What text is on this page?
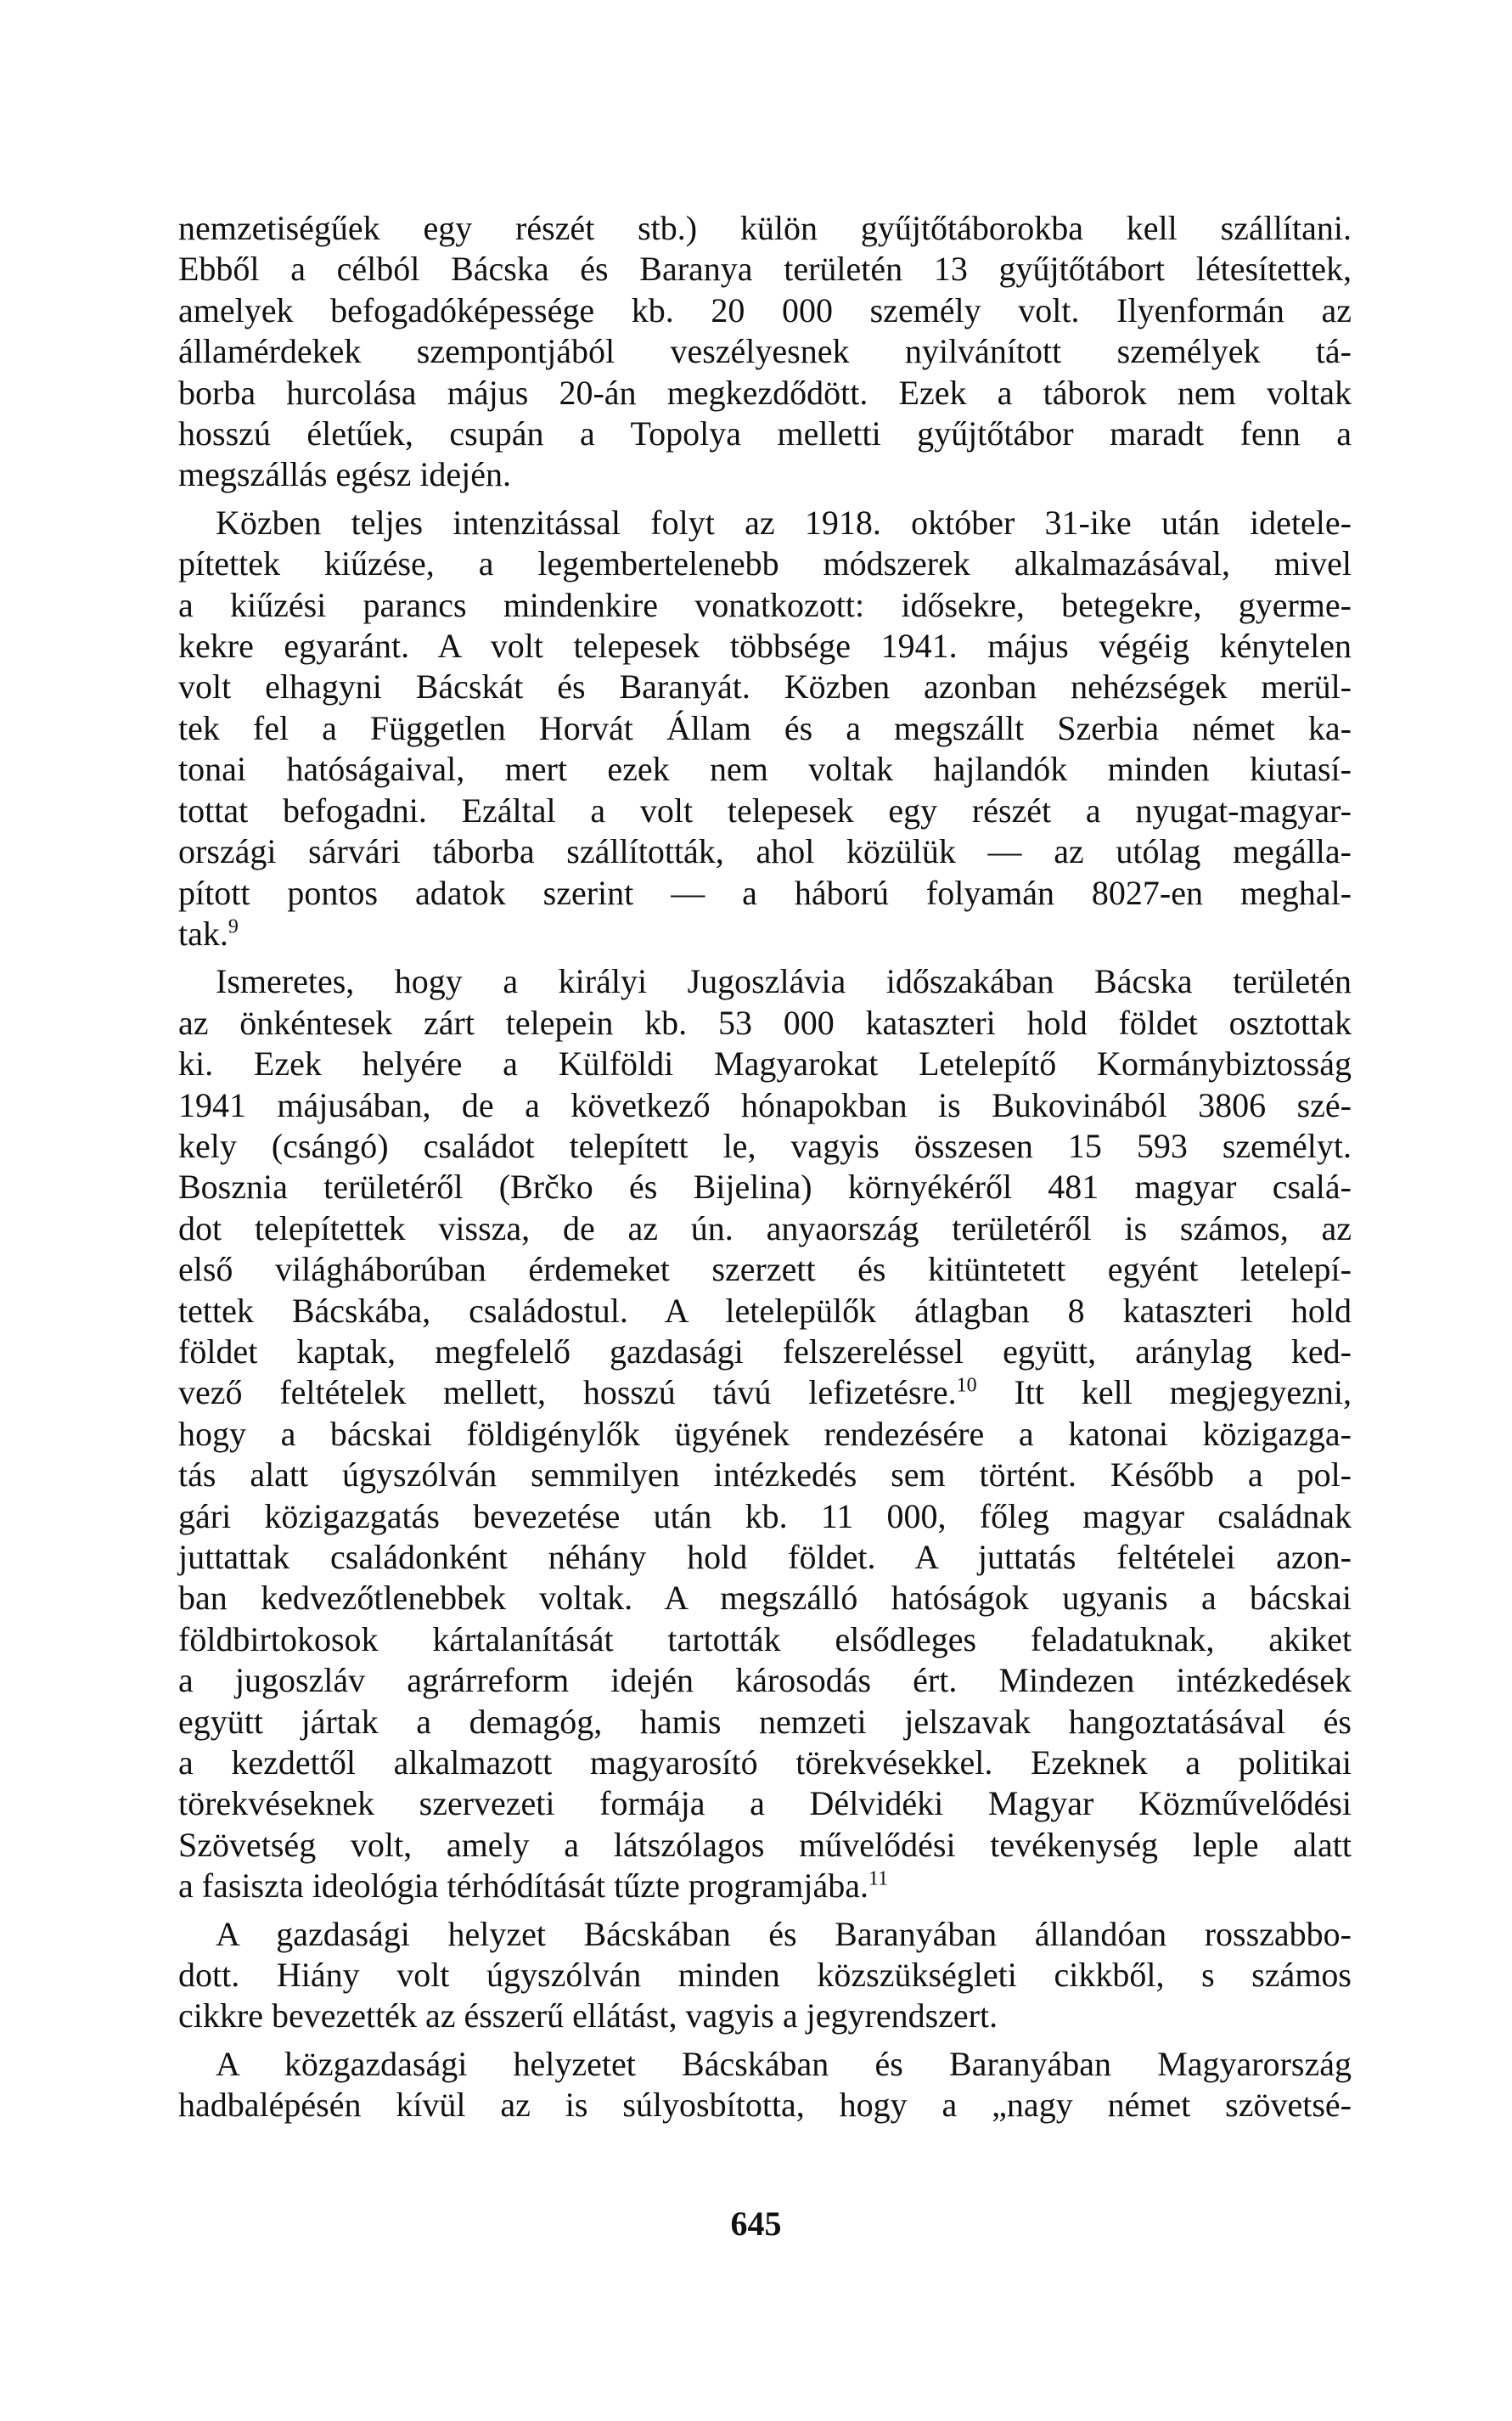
nemzetiségűek egy részét stb.) külön gyűjtőtáborokba kell szállítani.
Ebből a célból Bácska és Baranya területén 13 gyűjtőtábort létesítettek,
amelyek befogadóképessége kb. 20 000 személy volt. Ilyenformán az
államérdekek szempontjából veszélyesnek nyilvánított személyek tá-
borba hurcolása május 20-án megkezdődött. Ezek a táborok nem voltak
hosszú életűek, csupán a Topolya melletti gyűjtőtábor maradt fenn a
megszállás egész idején.

Közben teljes intenzitással folyt az 1918. október 31-ike után idetele-
pítettek kiűzése, a legembertelenebb módszerek alkalmazásával, mivel
a kiűzési parancs mindenkire vonatkozott: idősekre, betegekre, gyerme-
kekre egyaránt. A volt telepesek többsége 1941. május végéig kénytelen
volt elhagyni Bácskát és Baranyát. Közben azonban nehézségek merül-
tek fel a Független Horvát Állam és a megszállt Szerbia német ka-
tonai hatóságaival, mert ezek nem voltak hajlandók minden kiutasí-
tottat befogadni. Ezáltal a volt telepesek egy részét a nyugat-magyar-
országi sárvári táborba szállították, ahol közülük — az utólag megálla-
pított pontos adatok szerint — a háború folyamán 8027-en meghal-
tak.$^9$

Ismeretes, hogy a királyi Jugoszlávia időszakában Bácska területén
az önkéntesek zárt telepein kb. 53 000 kataszteri hold földet osztottak
ki. Ezek helyére a Külföldi Magyarokat Letelepítő Kormánybiztosság
1941 májusában, de a következő hónapokban is Bukovinából 3806 szé-
kely (csángó) családot telepített le, vagyis összesen 15 593 személyt.
Bosznia területéről (Brčko és Bijelina) környékéről 481 magyar csalá-
dot telepítettek vissza, de az ún. anyaország területéről is számos, az
első világháborúban érdemeket szerzett és kitüntetett egyént letelepí-
tettek Bácskába, családostul. A letelepülők átlagban 8 kataszteri hold
földet kaptak, megfelelő gazdasági felszereléssel együtt, aránylag ked-
vező feltételek mellett, hosszú távú lefizetésre.$^{10}$ Itt kell megjegyezni,
hogy a bácskai földigénylők ügyének rendezésére a katonai közigazga-
tás alatt úgyszólván semmilyen intézkedés sem történt. Később a pol-
gári közigazgatás bevezetése után kb. 11 000, főleg magyar családnak
juttattak családonként néhány hold földet. A juttatás feltételei azon-
ban kedvezőtlenebbek voltak. A megszálló hatóságok ugyanis a bácskai
földbirtokosok kártalanítását tartották elsődleges feladatuknak, akiket
a jugoszláv agrárreform idején károsodás ért. Mindezen intézkedések
együtt jártak a demagóg, hamis nemzeti jelszavak hangoztatásával és
a kezdettől alkalmazott magyarosító törekvésekkel. Ezeknek a politikai
törekvéseknek szervezeti formája a Délvidéki Magyar Közművelődési
Szövetség volt, amely a látszólagos művelődési tevékenység leple alatt
a fasiszta ideológia térhódítását tűzte programjába.$^{11}$

A gazdasági helyzet Bácskában és Baranyában állandóan rosszabbo-
dott. Hiány volt úgyszólván minden közszükségleti cikkből, s számos
cikkre bevezették az ésszerű ellátást, vagyis a jegyrendszert.

A közgazdasági helyzetet Bácskában és Baranyában Magyarország
hadbalépésén kívül az is súlyosbította, hogy a „nagy német szövetsé-

645
